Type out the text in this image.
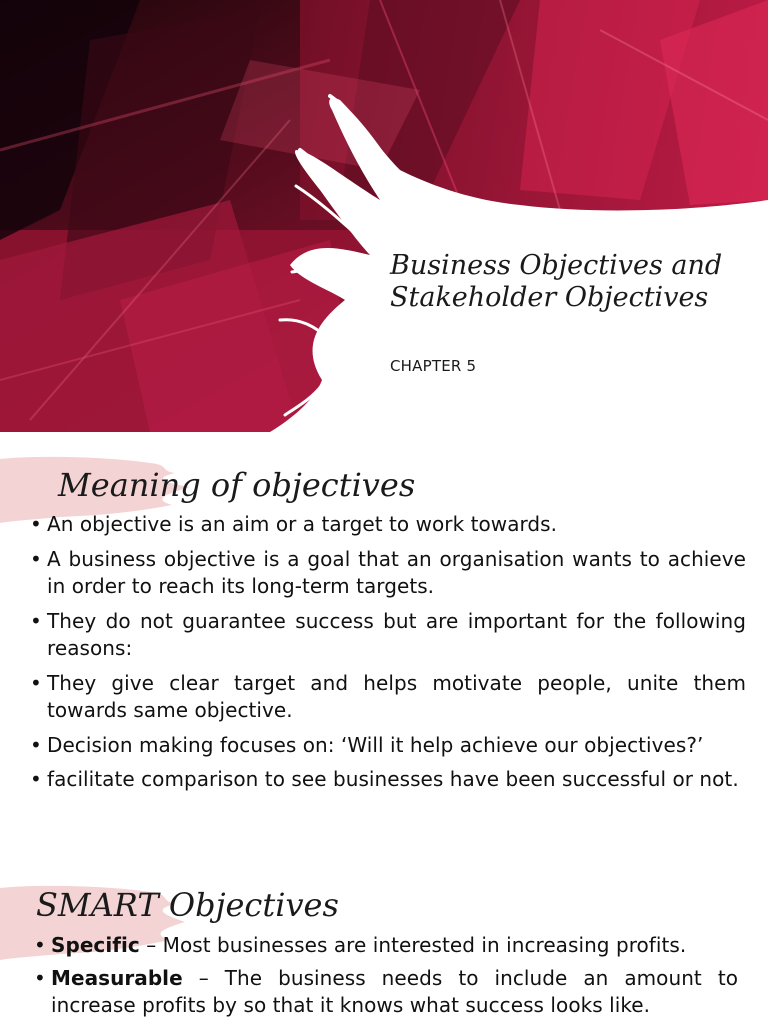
Business Objectives and Stakeholder Objectives
CHAPTER 5
Meaning of objectives
• An objective is an aim or a target to work towards.
• A business objective is a goal that an organisation wants to achieve in order to reach its long-term targets.
• They do not guarantee success but are important for the following reasons:
• They give clear target and helps motivate people, unite them towards same objective.
• Decision making focuses on: ‘Will it help achieve our objectives?’
• facilitate comparison to see businesses have been successful or not.
SMART Objectives
• Specific – Most businesses are interested in increasing profits.
• Measurable – The business needs to include an amount to increase profits by so that it knows what success looks like.
